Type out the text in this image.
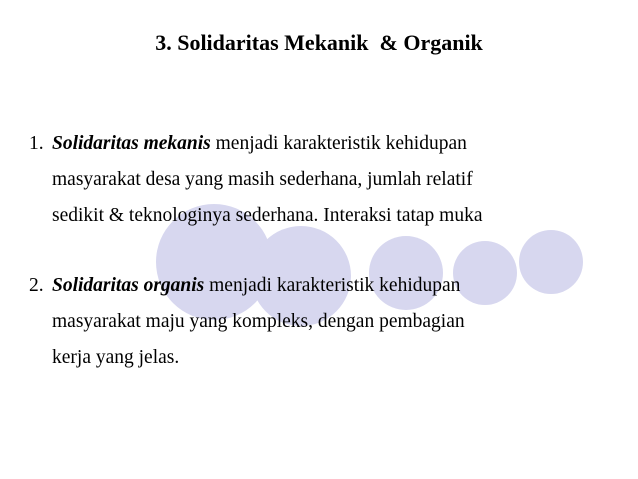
3. Solidaritas Mekanik  & Organik
1. Solidaritas mekanis menjadi karakteristik kehidupan
masyarakat desa yang masih sederhana, jumlah relatif
sedikit & teknologinya sederhana. Interaksi tatap muka
2. Solidaritas organis menjadi karakteristik kehidupan
masyarakat maju yang kompleks, dengan pembagian
kerja yang jelas.
